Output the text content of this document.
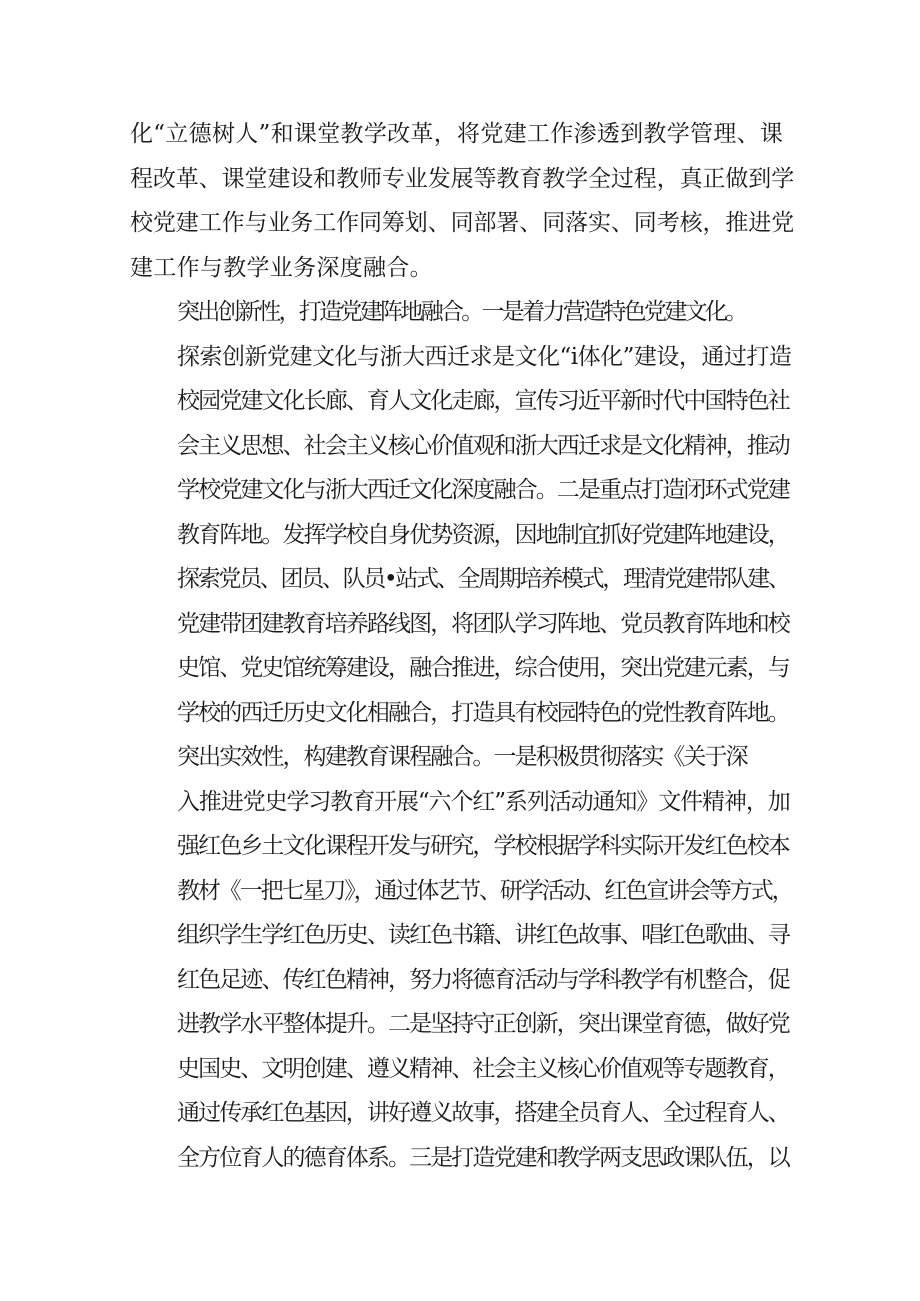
化“立德树人”和课堂教学改革，将党建工作渗透到教学管理、课
程改革、课堂建设和教师专业发展等教育教学全过程，真正做到学
校党建工作与业务工作同筹划、同部署、同落实、同考核，推进党
建工作与教学业务深度融合。
突出创新性，打造党建阵地融合。一是着力营造特色党建文化。
探索创新党建文化与浙大西迁求是文化“i体化”建设，通过打造
校园党建文化长廊、育人文化走廊，宣传习近平新时代中国特色社
会主义思想、社会主义核心价值观和浙大西迁求是文化精神，推动
学校党建文化与浙大西迁文化深度融合。二是重点打造闭环式党建
教育阵地。发挥学校自身优势资源，因地制宜抓好党建阵地建设，
探索党员、团员、队员•站式、全周期培养模式，理清党建带队建、
党建带团建教育培养路线图，将团队学习阵地、党员教育阵地和校
史馆、党史馆统筹建设，融合推进，综合使用，突出党建元素，与
学校的西迁历史文化相融合，打造具有校园特色的党性教育阵地。
突出实效性，构建教育课程融合。一是积极贯彻落实《关于深
入推进党史学习教育开展“六个红”系列活动通知》文件精神，加
强红色乡土文化课程开发与研究，学校根据学科实际开发红色校本
教材《一把七星刀》，通过体艺节、研学活动、红色宣讲会等方式，
组织学生学红色历史、读红色书籍、讲红色故事、唱红色歌曲、寻
红色足迹、传红色精神，努力将德育活动与学科教学有机整合，促
进教学水平整体提升。二是坚持守正创新，突出课堂育德，做好党
史国史、文明创建、遵义精神、社会主义核心价值观等专题教育，
通过传承红色基因，讲好遵义故事，搭建全员育人、全过程育人、
全方位育人的德育体系。三是打造党建和教学两支思政课队伍，以
